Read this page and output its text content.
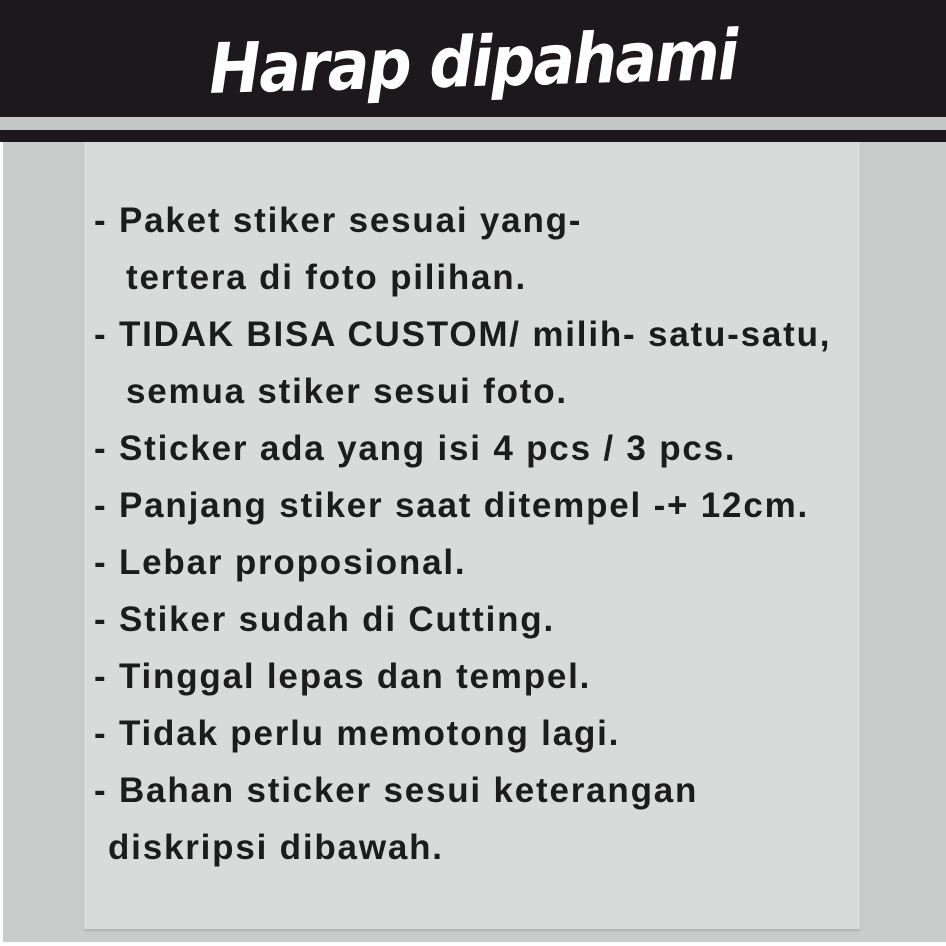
Harap dipahami
- Paket stiker sesuai yang-
tertera di foto pilihan.
- TIDAK BISA CUSTOM/ milih- satu-satu,
semua stiker sesui foto.
- Sticker ada yang isi 4 pcs / 3 pcs.
- Panjang stiker saat ditempel -+ 12cm.
- Lebar proposional.
- Stiker sudah di Cutting.
- Tinggal lepas dan tempel.
- Tidak perlu memotong lagi.
- Bahan sticker sesui keterangan
diskripsi dibawah.
